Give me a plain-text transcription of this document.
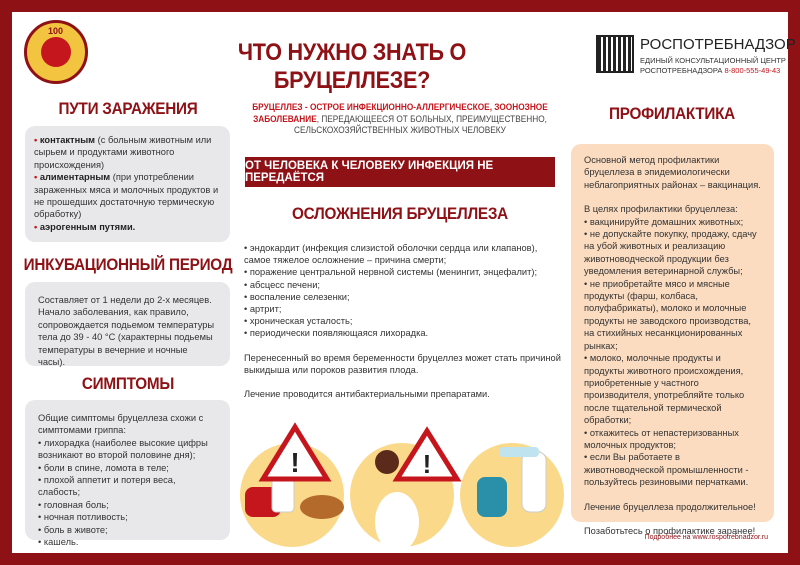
100
ЧТО НУЖНО ЗНАТЬ О БРУЦЕЛЛЕЗЕ?
РОСПОТРЕБНАДЗОР
ЕДИНЫЙ КОНСУЛЬТАЦИОННЫЙ ЦЕНТР
РОСПОТРЕБНАДЗОРА 8-800-555-49-43
ПУТИ ЗАРАЖЕНИЯ

• контактным (с больным животным или сырьем и продуктами животного происхождения)

• алиментарным (при употреблении зараженных мяса и молочных продуктов и не прошедших достаточную термическую обработку)

• аэрогенным путями.

ИНКУБАЦИОННЫЙ ПЕРИОД

Составляет от 1 недели до 2-х месяцев. Начало заболевания, как правило, сопровождается подьемом температуры тела до 39 - 40 °С (характерны подьемы температуры в вечерние и ночные часы).

СИМПТОМЫ

Общие симптомы бруцеллеза схожи с симптомами гриппа:

• лихорадка (наиболее высокие цифры возникают во второй половине дня);

• боли в спине, ломота в теле;

• плохой аппетит и потеря веса, слабость;

• головная боль;

• ночная потливость;

• боль в животе;

• кашель.

БРУЦЕЛЛЕЗ - ОСТРОЕ ИНФЕКЦИОННО-АЛЛЕРГИЧЕСКОЕ, ЗООНОЗНОЕ ЗАБОЛЕВАНИЕ, ПЕРЕДАЮЩЕЕСЯ ОТ БОЛЬНЫХ, ПРЕИМУЩЕСТВЕННО, СЕЛЬСКОХОЗЯЙСТВЕННЫХ ЖИВОТНЫХ ЧЕЛОВЕКУ
ОТ ЧЕЛОВЕКА К ЧЕЛОВЕКУ ИНФЕКЦИЯ НЕ ПЕРЕДАЁТСЯ
ОСЛОЖНЕНИЯ БРУЦЕЛЛЕЗА

• эндокардит (инфекция слизистой оболочки сердца или клапанов), самое тяжелое осложнение – причина смерти;

• поражение центральной нервной системы (менингит, энцефалит);

• абсцесс печени;

• воспаление селезенки;

• артрит;

• хроническая усталость;

• периодически появляющаяся лихорадка.

Перенесенный во время беременности бруцеллез может стать причиной выкидыша или пороков развития плода.

Лечение проводится антибактериальными препаратами.

!	!
ПРОФИЛАКТИКА

Основной метод профилактики бруцеллеза в эпидемиологически неблагоприятных районах – вакцинация.

В целях профилактики бруцеллеза:

• вакцинируйте домашних животных;

• не допускайте покупку, продажу, сдачу на убой животных и реализацию животноводческой продукции без уведомления ветеринарной службы;

• не приобретайте мясо и мясные продукты (фарш, колбаса, полуфабрикаты), молоко и молочные продукты не заводского производства, на стихийных несанкционированных рынках;

• молоко, молочные продукты и продукты животного происхождения, приобретенные у частного производителя, употребляйте только после тщательной термической обработки;

• откажитесь от непастеризованных молочных продуктов;

• если Вы работаете в животноводческой промышленности - пользуйтесь резиновыми перчатками.

Лечение бруцеллеза продолжительное!

Позаботьтесь о профилактике заранее!

Подробнее на www.rospotrebnadzor.ru
